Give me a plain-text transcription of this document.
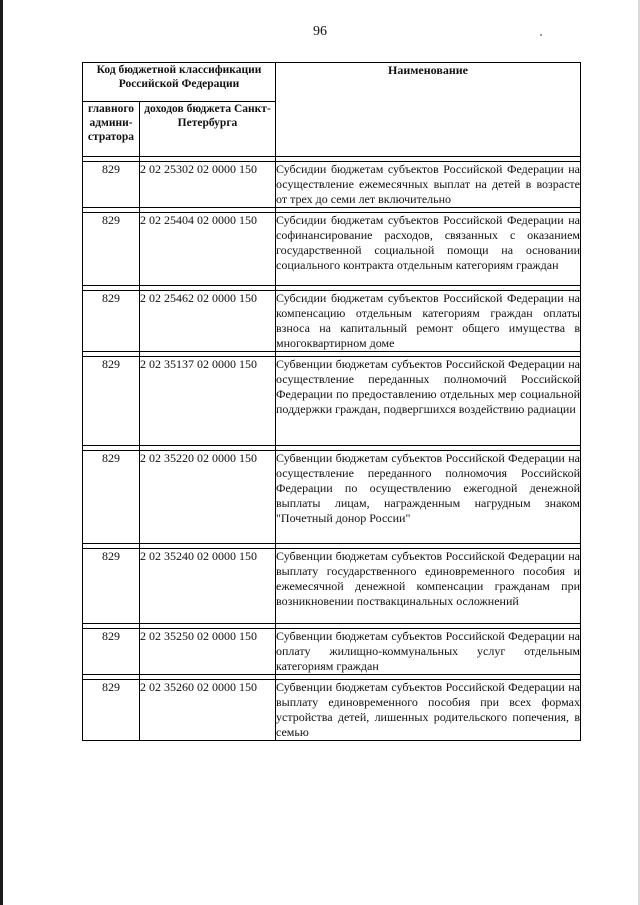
96
Код бюджетной классификации Российской Федерации		Наименование
главного админи-стратора	доходов бюджета Санкт-Петербурга	

829	2 02 25302 02 0000 150	Субсидии бюджетам субъектов Российской Федерации на осуществление ежемесячных выплат на детей в возрасте от трех до семи лет включительно

829	2 02 25404 02 0000 150	Субсидии бюджетам субъектов Российской Федерации на софинансирование расходов, связанных с оказанием государственной социальной помощи на основании социального контракта отдельным категориям граждан

829	2 02 25462 02 0000 150	Субсидии бюджетам субъектов Российской Федерации на компенсацию отдельным категориям граждан оплаты взноса на капитальный ремонт общего имущества в многоквартирном доме

829	2 02 35137 02 0000 150	Субвенции бюджетам субъектов Российской Федерации на осуществление переданных полномочий Российской Федерации по предоставлению отдельных мер социальной поддержки граждан, подвергшихся воздействию радиации

829	2 02 35220 02 0000 150	Субвенции бюджетам субъектов Российской Федерации на осуществление переданного полномочия Российской Федерации по осуществлению ежегодной денежной выплаты лицам, награжденным нагрудным знаком "Почетный донор России"

829	2 02 35240 02 0000 150	Субвенции бюджетам субъектов Российской Федерации на выплату государственного единовременного пособия и ежемесячной денежной компенсации гражданам при возникновении поствакцинальных осложнений

829	2 02 35250 02 0000 150	Субвенции бюджетам субъектов Российской Федерации на оплату жилищно-коммунальных услуг отдельным категориям граждан

829	2 02 35260 02 0000 150	Субвенции бюджетам субъектов Российской Федерации на выплату единовременного пособия при всех формах устройства детей, лишенных родительского попечения, в семью
